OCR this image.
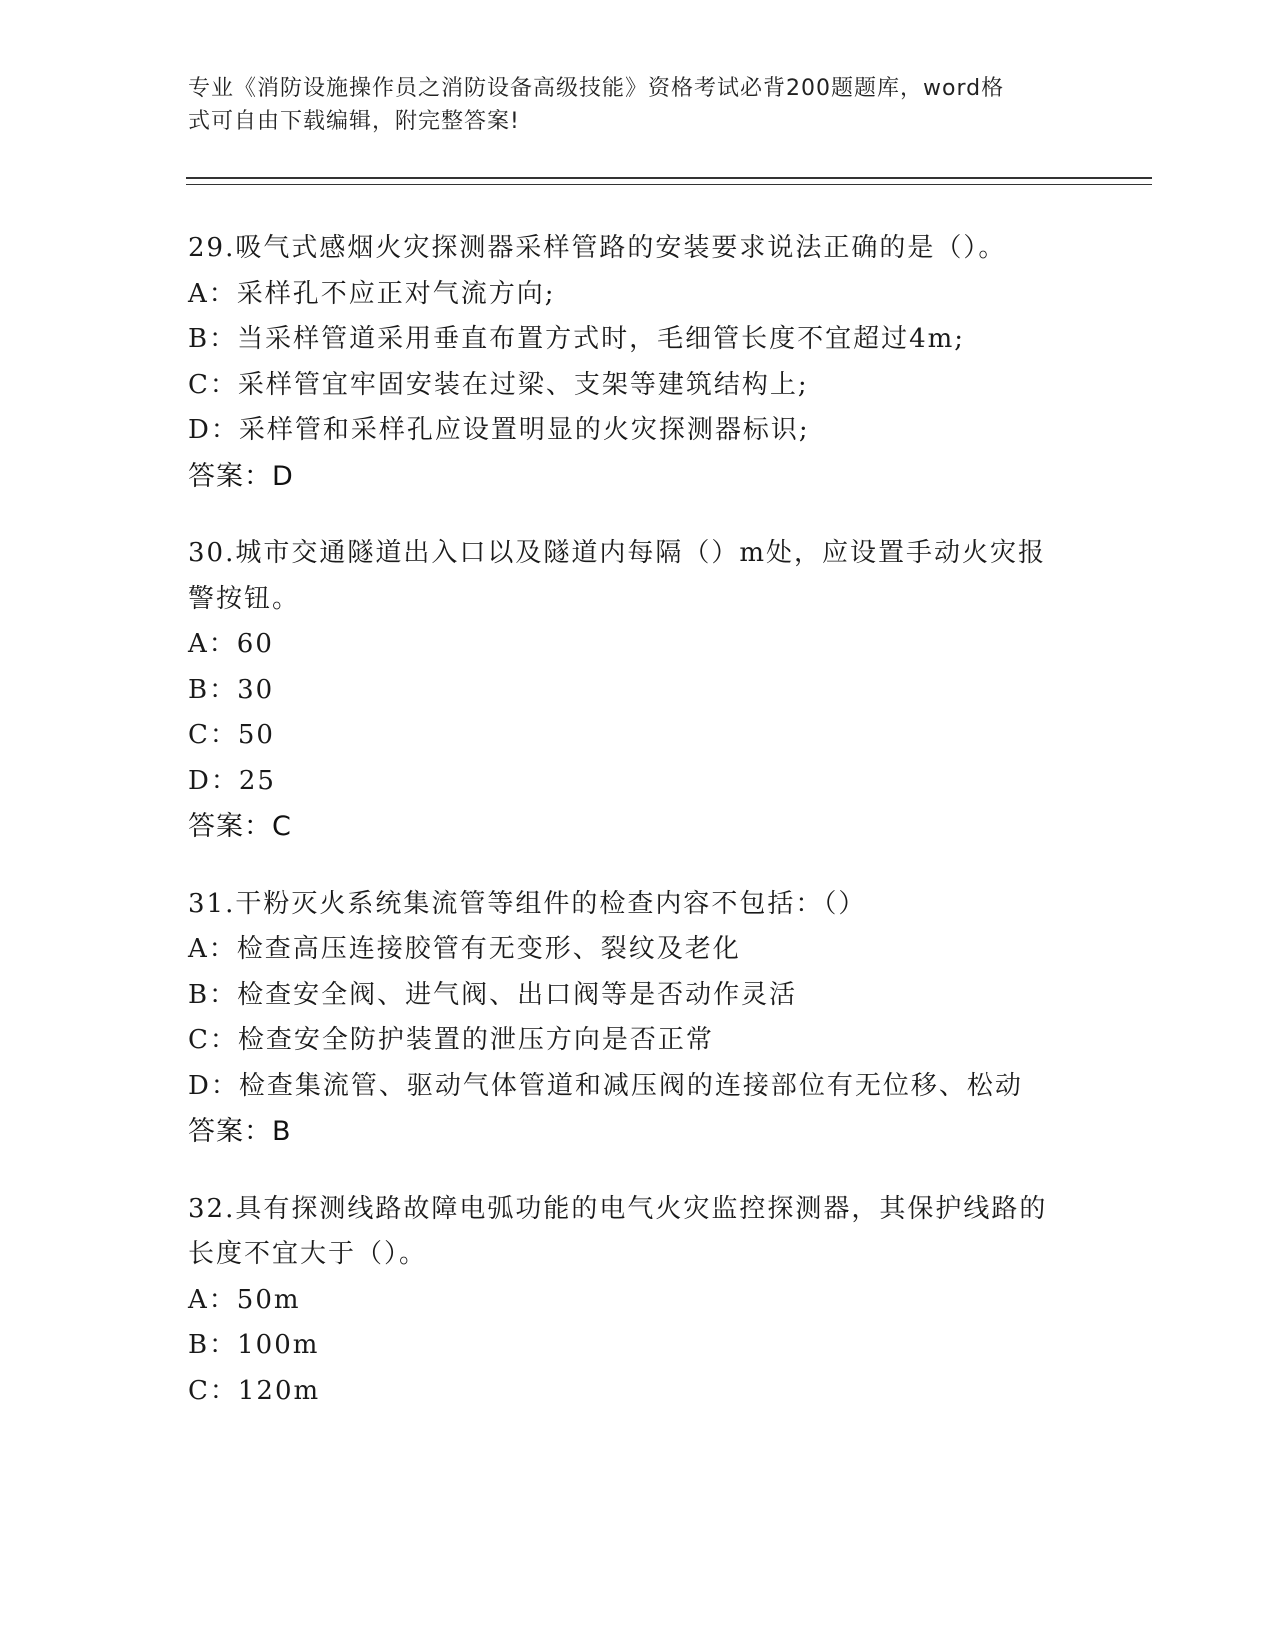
专业《消防设施操作员之消防设备高级技能》资格考试必背200题题库，word格
式可自由下载编辑，附完整答案!

29.吸气式感烟火灾探测器采样管路的安装要求说法正确的是（）。

A：采样孔不应正对气流方向;

B：当采样管道采用垂直布置方式时，毛细管长度不宜超过4m;

C：采样管宜牢固安装在过梁、支架等建筑结构上;

D：采样管和采样孔应设置明显的火灾探测器标识;

答案：D

30.城市交通隧道出入口以及隧道内每隔（）m处，应设置手动火灾报

警按钮。

A：60

B：30

C：50

D：25

答案：C

31.干粉灭火系统集流管等组件的检查内容不包括：（）

A：检查高压连接胶管有无变形、裂纹及老化

B：检查安全阀、进气阀、出口阀等是否动作灵活

C：检查安全防护装置的泄压方向是否正常

D：检查集流管、驱动气体管道和减压阀的连接部位有无位移、松动

答案：B

32.具有探测线路故障电弧功能的电气火灾监控探测器，其保护线路的

长度不宜大于（）。

A：50m

B：100m

C：120m
